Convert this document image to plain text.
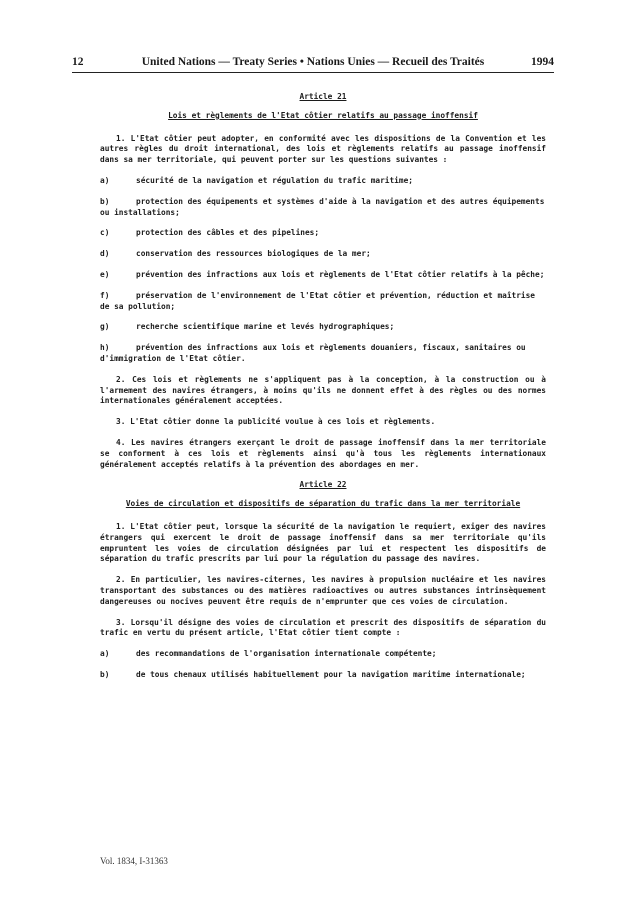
12	United Nations — Treaty Series • Nations Unies — Recueil des Traités	1994

Article 21

Lois et règlements de l'Etat côtier relatifs au passage inoffensif

1. L'Etat côtier peut adopter, en conformité avec les dispositions de la Convention et les autres règles du droit international, des lois et règlements relatifs au passage inoffensif dans sa mer territoriale, qui peuvent porter sur les questions suivantes :

a)	sécurité de la navigation et régulation du trafic maritime;

b)	protection des équipements et systèmes d'aide à la navigation et des autres équipements ou installations;

c)	protection des câbles et des pipelines;

d)	conservation des ressources biologiques de la mer;

e)	prévention des infractions aux lois et règlements de l'Etat côtier relatifs à la pêche;

f)	préservation de l'environnement de l'Etat côtier et prévention, réduction et maîtrise de sa pollution;

g)	recherche scientifique marine et levés hydrographiques;

h)	prévention des infractions aux lois et règlements douaniers, fiscaux, sanitaires ou d'immigration de l'Etat côtier.

2. Ces lois et règlements ne s'appliquent pas à la conception, à la construction ou à l'armement des navires étrangers, à moins qu'ils ne donnent effet à des règles ou des normes internationales généralement acceptées.

3. L'Etat côtier donne la publicité voulue à ces lois et règlements.

4. Les navires étrangers exerçant le droit de passage inoffensif dans la mer territoriale se conforment à ces lois et règlements ainsi qu'à tous les règlements internationaux généralement acceptés relatifs à la prévention des abordages en mer.

Article 22

Voies de circulation et dispositifs de séparation du trafic dans la mer territoriale

1. L'Etat côtier peut, lorsque la sécurité de la navigation le requiert, exiger des navires étrangers qui exercent le droit de passage inoffensif dans sa mer territoriale qu'ils empruntent les voies de circulation désignées par lui et respectent les dispositifs de séparation du trafic prescrits par lui pour la régulation du passage des navires.

2. En particulier, les navires-citernes, les navires à propulsion nucléaire et les navires transportant des substances ou des matières radioactives ou autres substances intrinsèquement dangereuses ou nocives peuvent être requis de n'emprunter que ces voies de circulation.

3. Lorsqu'il désigne des voies de circulation et prescrit des dispositifs de séparation du trafic en vertu du présent article, l'Etat côtier tient compte :

a)	des recommandations de l'organisation internationale compétente;

b)	de tous chenaux utilisés habituellement pour la navigation maritime internationale;

Vol. 1834, I-31363
